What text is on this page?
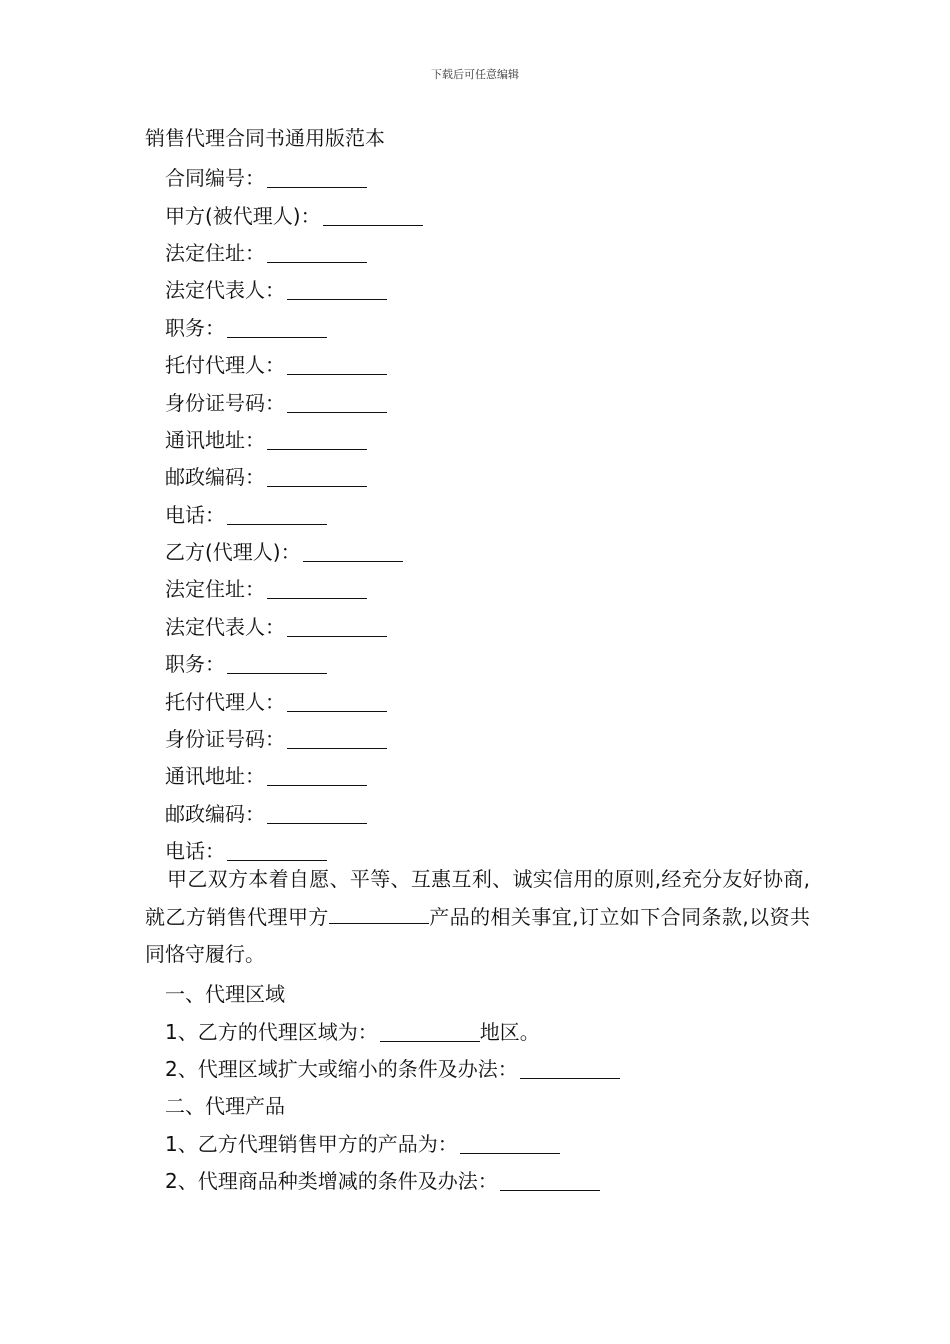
下载后可任意编辑
销售代理合同书通用版范本
合同编号：
甲方(被代理人)：
法定住址：
法定代表人：
职务：
托付代理人：
身份证号码：
通讯地址：
邮政编码：
电话：
乙方(代理人)：
法定住址：
法定代表人：
职务：
托付代理人：
身份证号码：
通讯地址：
邮政编码：
电话：
甲乙双方本着自愿、平等、互惠互利、诚实信用的原则,经充分友好协商,就乙方销售代理甲方	产品的相关事宜,订立如下合同条款,以资共同恪守履行。
一、代理区域
1、乙方的代理区域为：	地区。
2、代理区域扩大或缩小的条件及办法：
二、代理产品
1、乙方代理销售甲方的产品为：
2、代理商品种类增减的条件及办法：
